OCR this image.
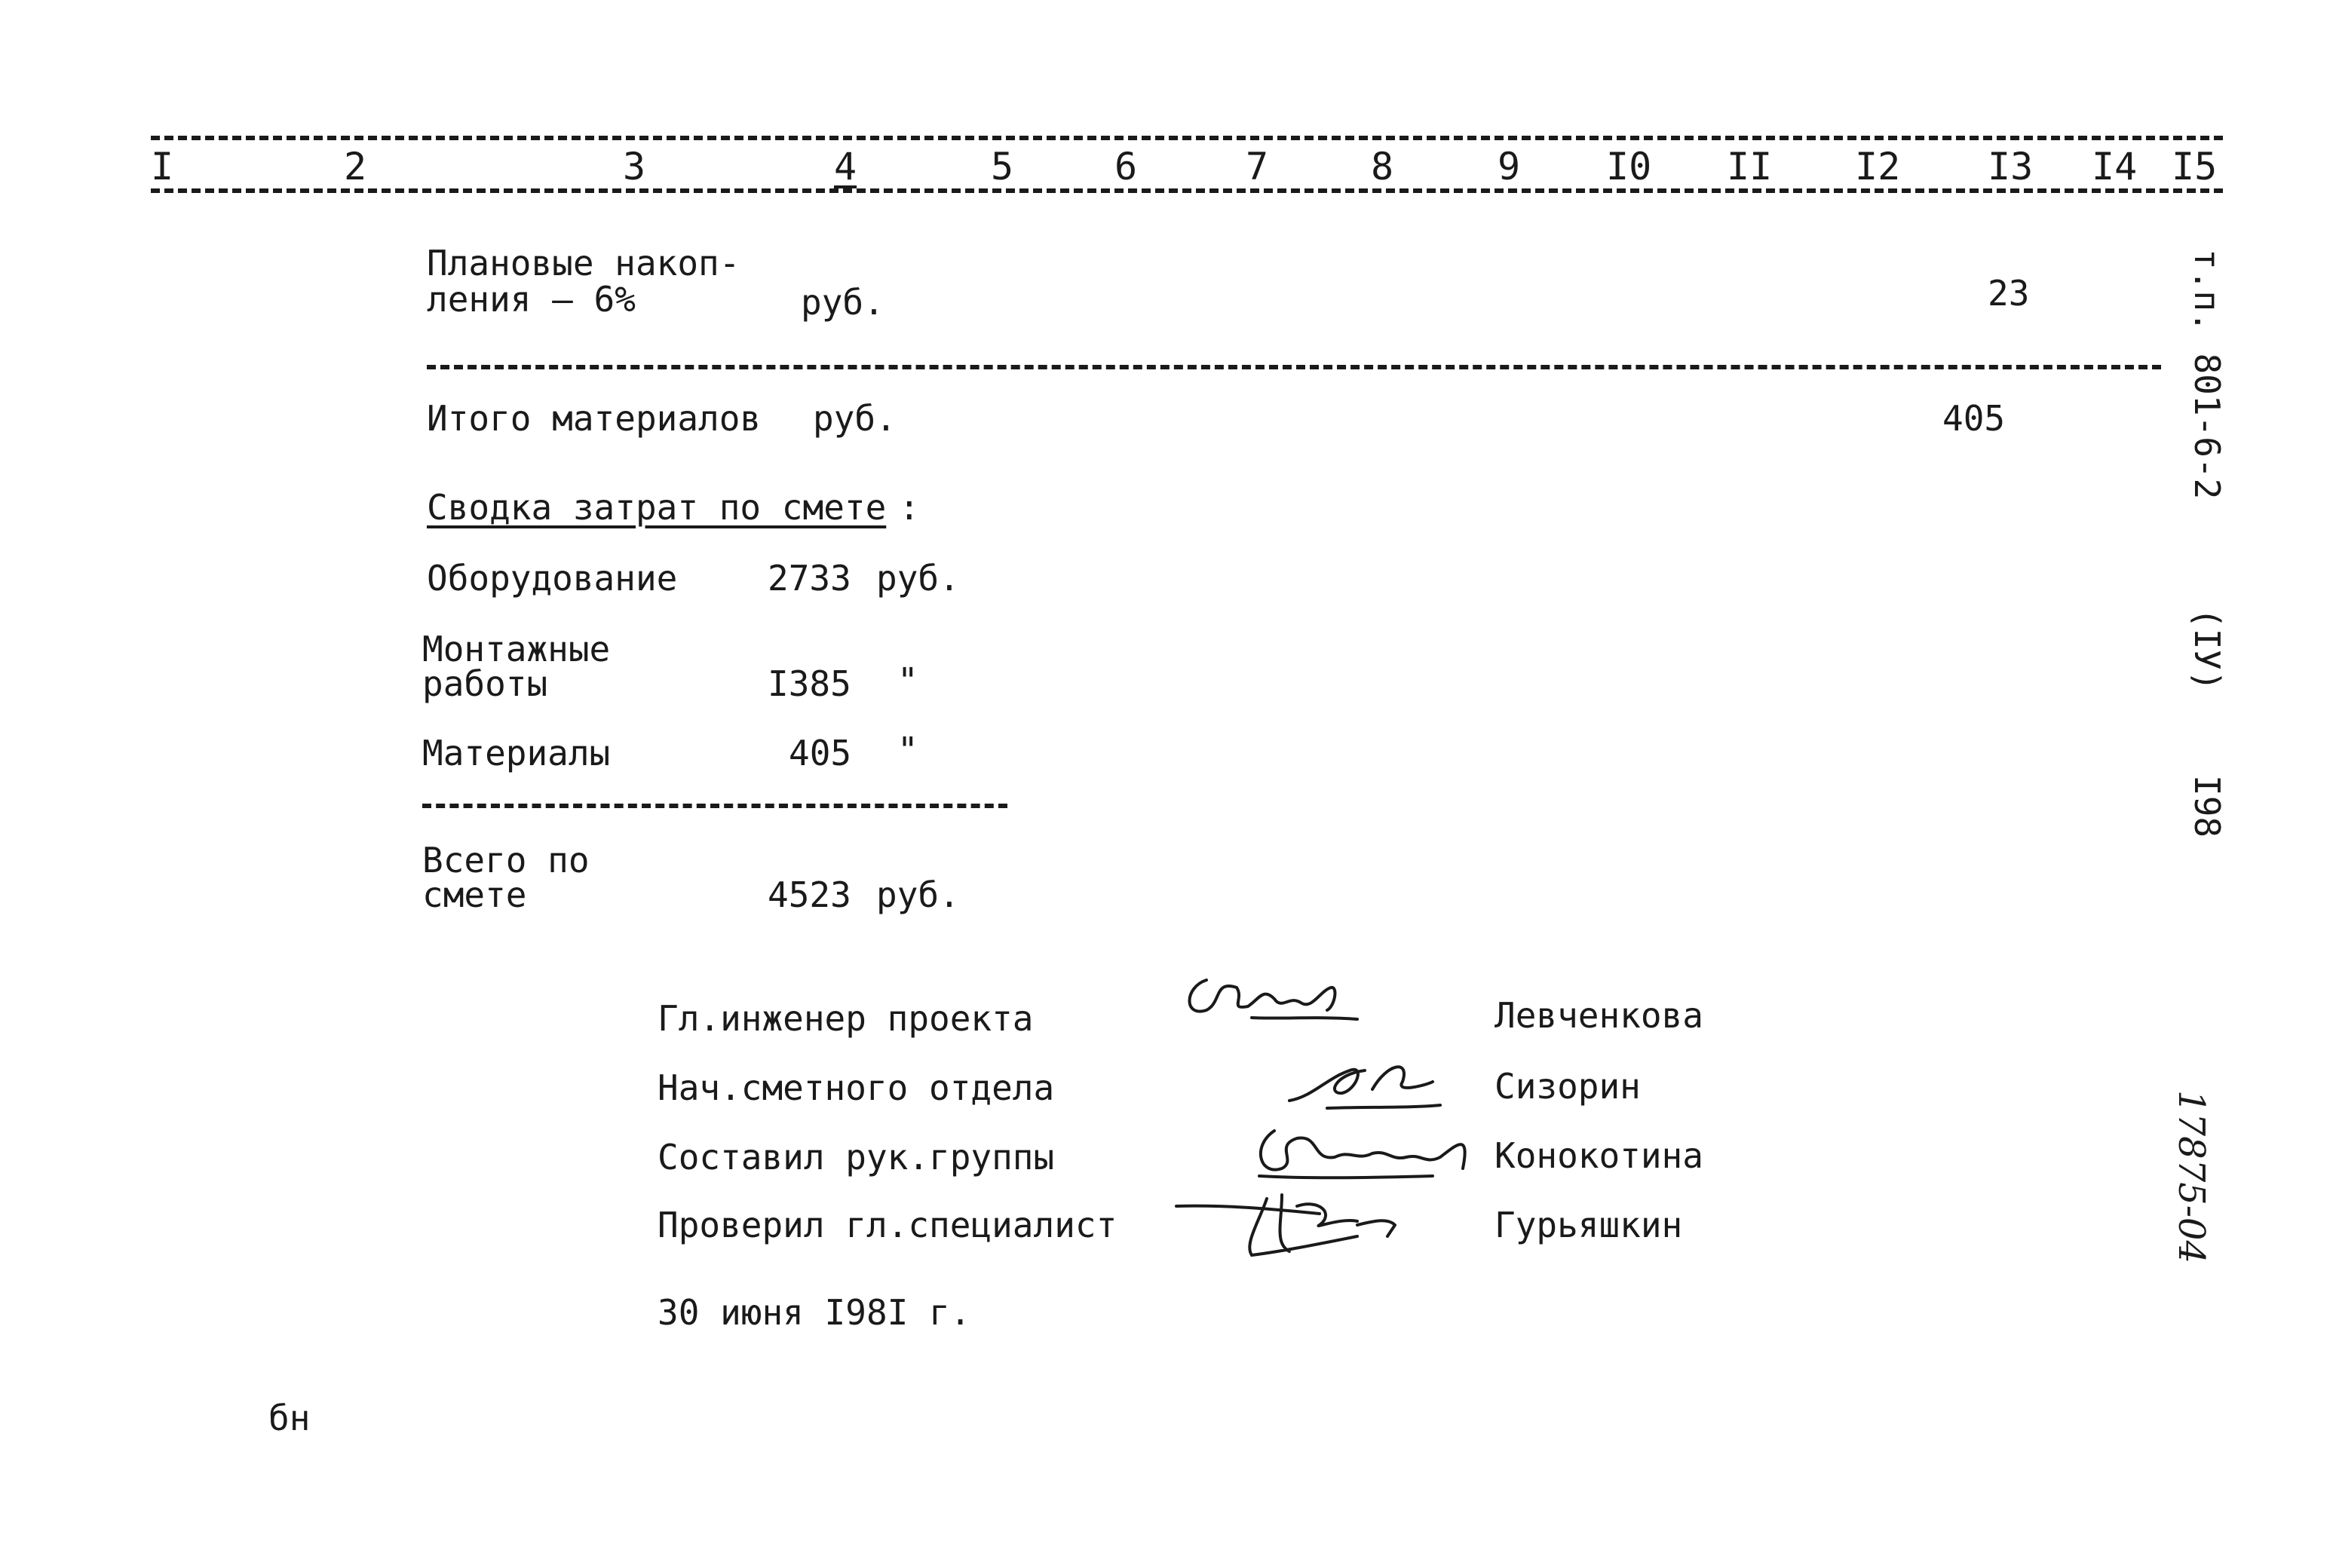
I	2	3	4	5	6	7	8	9 I0 II I2 I3 I4 I5
Плановые накоп-
ления – 6%	руб.	23
Итого материалов руб.	405
Сводка затрат по смете :
Оборудование	2733 руб.
Монтажные
работы	I385 "
Материалы	405 "
Всего по
смете	4523 руб.
Гл.инженер проекта	Левченкова
Нач.сметного отдела	Сизорин
Составил рук.группы	Конокотина
Проверил гл.специалист	Гурьяшкин
30 июня I98I г.
бн
т.п. 801-6-2
(IУ)
I98
17875-04
